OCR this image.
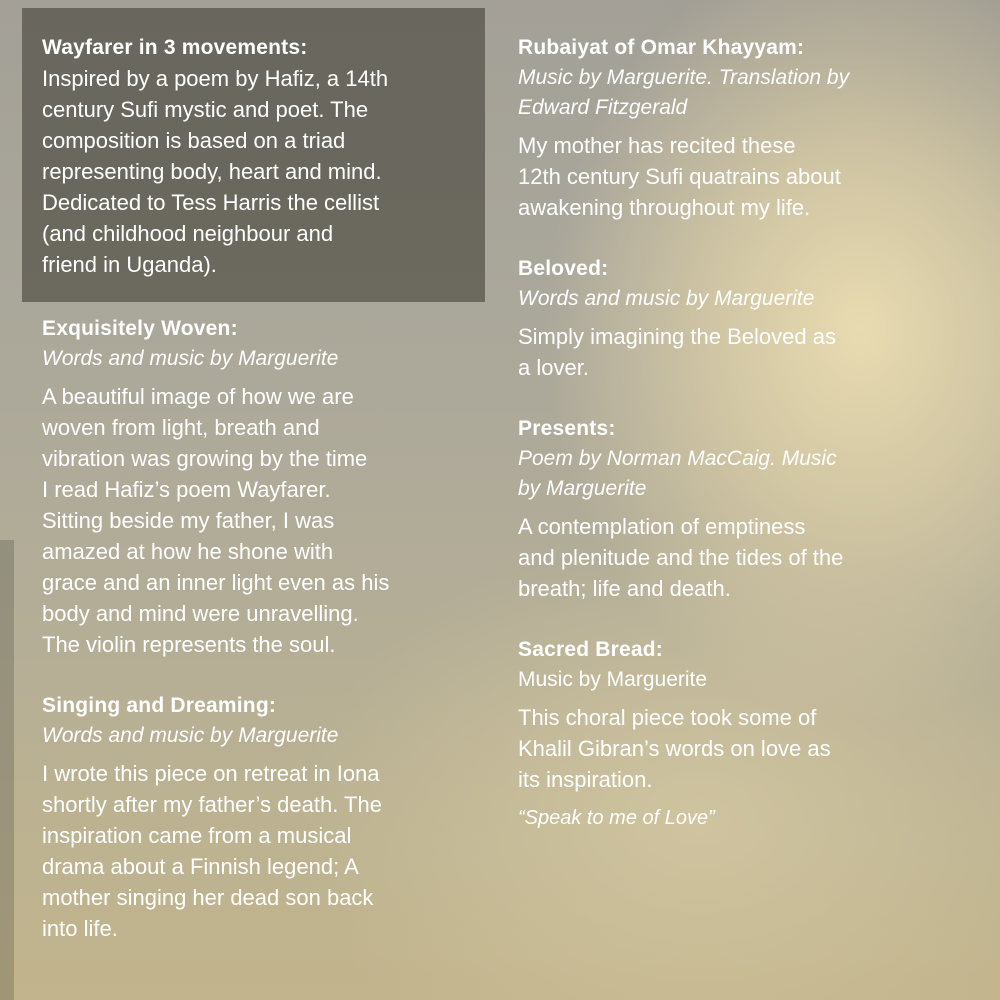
Wayfarer in 3 movements:

Inspired by a poem by Hafiz, a 14th
century Sufi mystic and poet. The
composition is based on a triad
representing body, heart and mind.
Dedicated to Tess Harris the cellist
(and childhood neighbour and
friend in Uganda).

Exquisitely Woven:

Words and music by Marguerite

A beautiful image of how we are
woven from light, breath and
vibration was growing by the time
I read Hafiz’s poem Wayfarer.
Sitting beside my father, I was
amazed at how he shone with
grace and an inner light even as his
body and mind were unravelling.
The violin represents the soul.

Singing and Dreaming:

Words and music by Marguerite

I wrote this piece on retreat in Iona
shortly after my father’s death. The
inspiration came from a musical
drama about a Finnish legend; A
mother singing her dead son back
into life.

Rubaiyat of Omar Khayyam:

Music by Marguerite. Translation by
Edward Fitzgerald

My mother has recited these
12th century Sufi quatrains about
awakening throughout my life.

Beloved:

Words and music by Marguerite

Simply imagining the Beloved as
a lover.

Presents:

Poem by Norman MacCaig. Music
by Marguerite

A contemplation of emptiness
and plenitude and the tides of the
breath; life and death.

Sacred Bread:

Music by Marguerite

This choral piece took some of
Khalil Gibran’s words on love as
its inspiration.

“Speak to me of Love”
